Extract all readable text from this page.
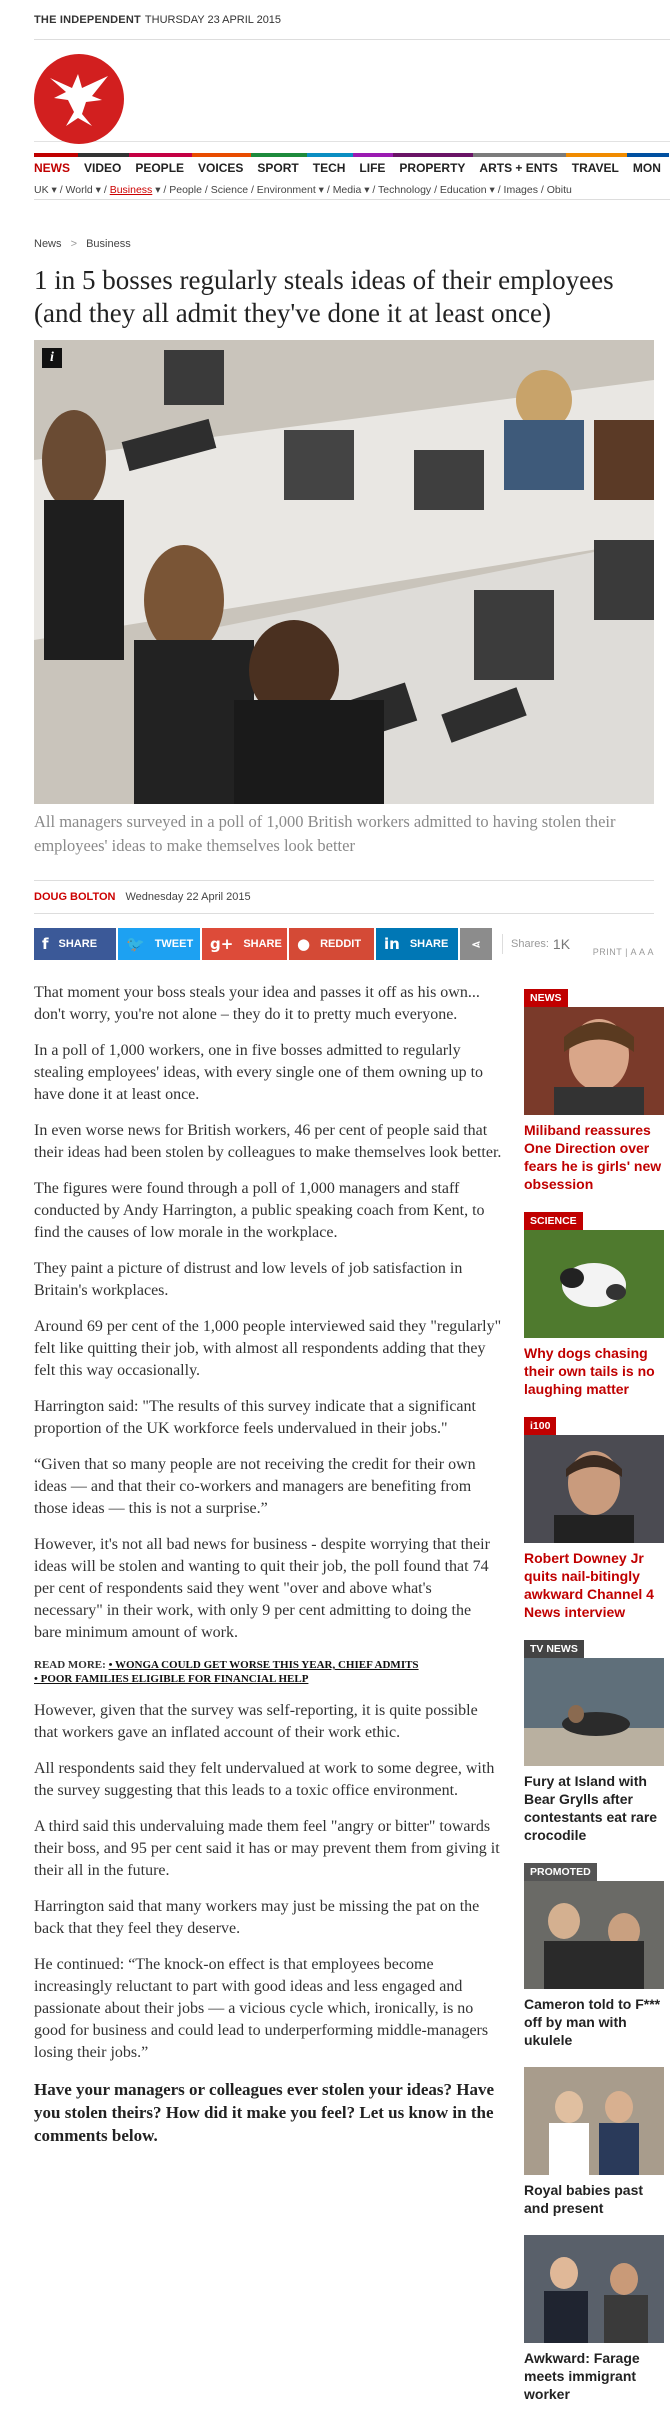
THE INDEPENDENT THURSDAY 23 APRIL 2015
NEWS	VIDEO	PEOPLE	VOICES	SPORT	TECH	LIFE	PROPERTY	ARTS + ENTS	TRAVEL	MON
UK ▾ / World ▾ / Business ▾ / People / Science / Environment ▾ / Media ▾ / Technology / Education ▾ / Images / Obitu
News > Business
1 in 5 bosses regularly steals ideas of their employees (and they all admit they've done it at least once)
i

All managers surveyed in a poll of 1,000 British workers admitted to having stolen their employees' ideas to make themselves look better

DOUG BOLTON Wednesday 22 April 2015
f SHARE 🐦 TWEET g+ SHARE ● REDDIT in SHARE ⋖	Shares: 1K	PRINT | A A A

That moment your boss steals your idea and passes it off as his own... don't worry, you're not alone – they do it to pretty much everyone.

In a poll of 1,000 workers, one in five bosses admitted to regularly stealing employees' ideas, with every single one of them owning up to have done it at least once.

In even worse news for British workers, 46 per cent of people said that their ideas had been stolen by colleagues to make themselves look better.

The figures were found through a poll of 1,000 managers and staff conducted by Andy Harrington, a public speaking coach from Kent, to find the causes of low morale in the workplace.

They paint a picture of distrust and low levels of job satisfaction in Britain's workplaces.

Around 69 per cent of the 1,000 people interviewed said they "regularly" felt like quitting their job, with almost all respondents adding that they felt this way occasionally.

Harrington said: "The results of this survey indicate that a significant proportion of the UK workforce feels undervalued in their jobs."

“Given that so many people are not receiving the credit for their own ideas — and that their co-workers and managers are benefiting from those ideas — this is not a surprise.”

However, it's not all bad news for business - despite worrying that their ideas will be stolen and wanting to quit their job, the poll found that 74 per cent of respondents said they went "over and above what's necessary" in their work, with only 9 per cent admitting to doing the bare minimum amount of work.

READ MORE: • WONGA COULD GET WORSE THIS YEAR, CHIEF ADMITS
• POOR FAMILIES ELIGIBLE FOR FINANCIAL HELP

However, given that the survey was self-reporting, it is quite possible that workers gave an inflated account of their work ethic.

All respondents said they felt undervalued at work to some degree, with the survey suggesting that this leads to a toxic office environment.

A third said this undervaluing made them feel "angry or bitter" towards their boss, and 95 per cent said it has or may prevent them from giving it their all in the future.

Harrington said that many workers may just be missing the pat on the back that they feel they deserve.

He continued: “The knock-on effect is that employees become increasingly reluctant to part with good ideas and less engaged and passionate about their jobs — a vicious cycle which, ironically, is no good for business and could lead to underperforming middle-managers losing their jobs.”

Have your managers or colleagues ever stolen your ideas? Have you stolen theirs? How did it make you feel? Let us know in the comments below.

NEWS
Miliband reassures One Direction over fears he is girls' new obsession
SCIENCE
Why dogs chasing their own tails is no laughing matter
i100
Robert Downey Jr quits nail-bitingly awkward Channel 4 News interview
TV NEWS
Fury at Island with Bear Grylls after contestants eat rare crocodile
PROMOTED
Cameron told to F*** off by man with ukulele
Royal babies past and present
Awkward: Farage meets immigrant worker
